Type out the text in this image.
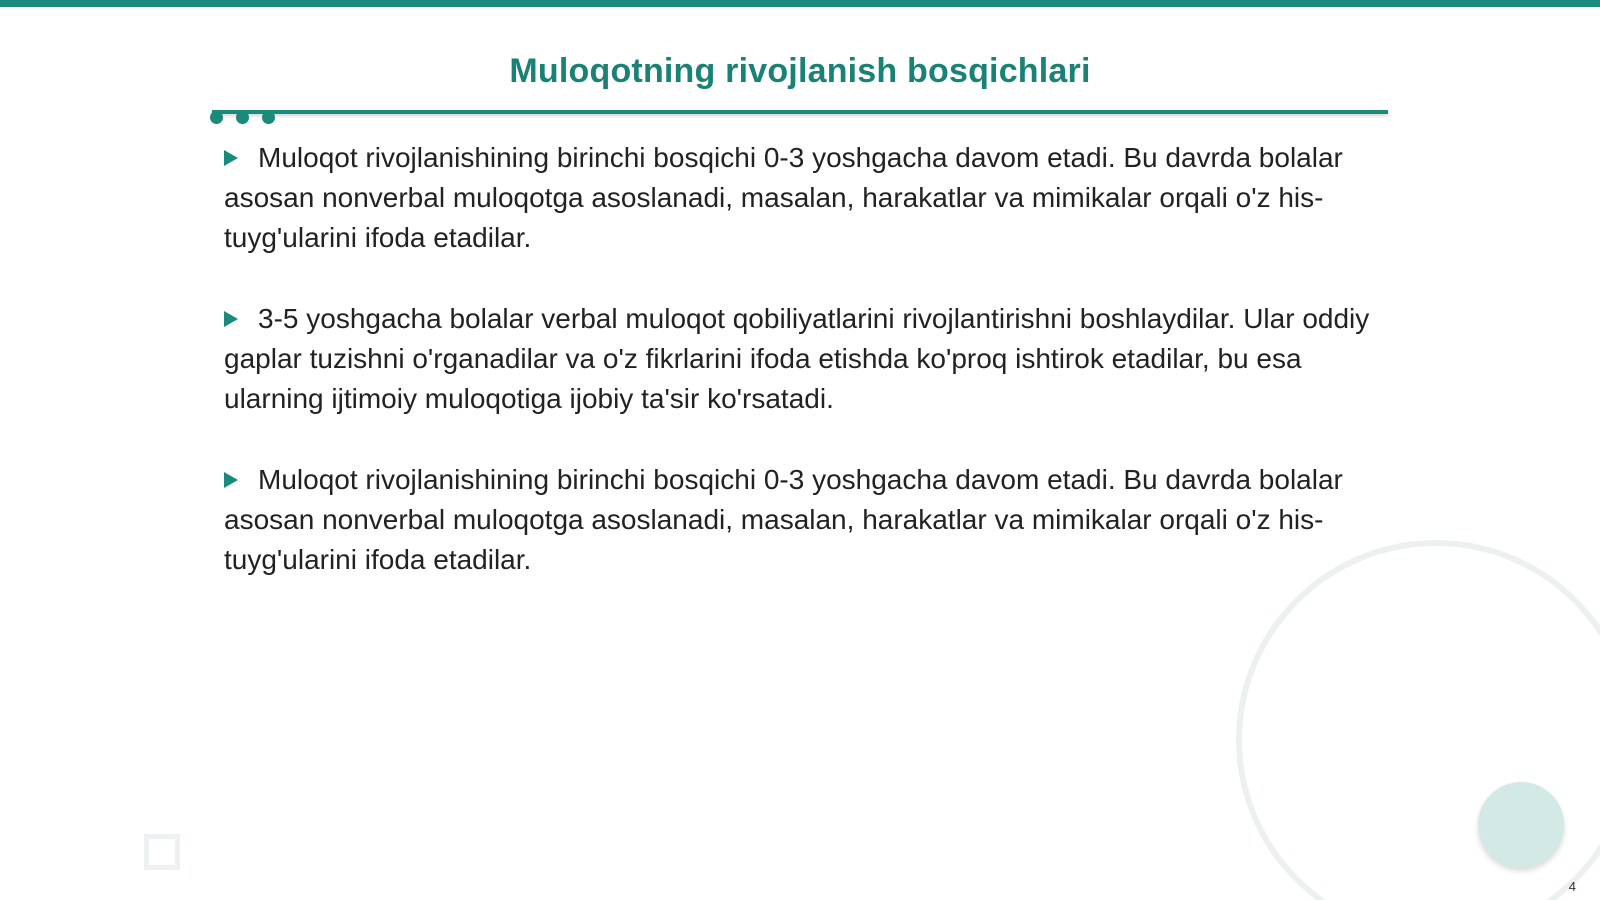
Muloqotning rivojlanish bosqichlari

Muloqot rivojlanishining birinchi bosqichi 0-3 yoshgacha davom etadi. Bu davrda bolalar asosan nonverbal muloqotga asoslanadi, masalan, harakatlar va mimikalar orqali o'z his-tuyg'ularini ifoda etadilar.

3-5 yoshgacha bolalar verbal muloqot qobiliyatlarini rivojlantirishni boshlaydilar. Ular oddiy gaplar tuzishni o'rganadilar va o'z fikrlarini ifoda etishda ko'proq ishtirok etadilar, bu esa ularning ijtimoiy muloqotiga ijobiy ta'sir ko'rsatadi.

Muloqot rivojlanishining birinchi bosqichi 0-3 yoshgacha davom etadi. Bu davrda bolalar asosan nonverbal muloqotga asoslanadi, masalan, harakatlar va mimikalar orqali o'z his-tuyg'ularini ifoda etadilar.

4
